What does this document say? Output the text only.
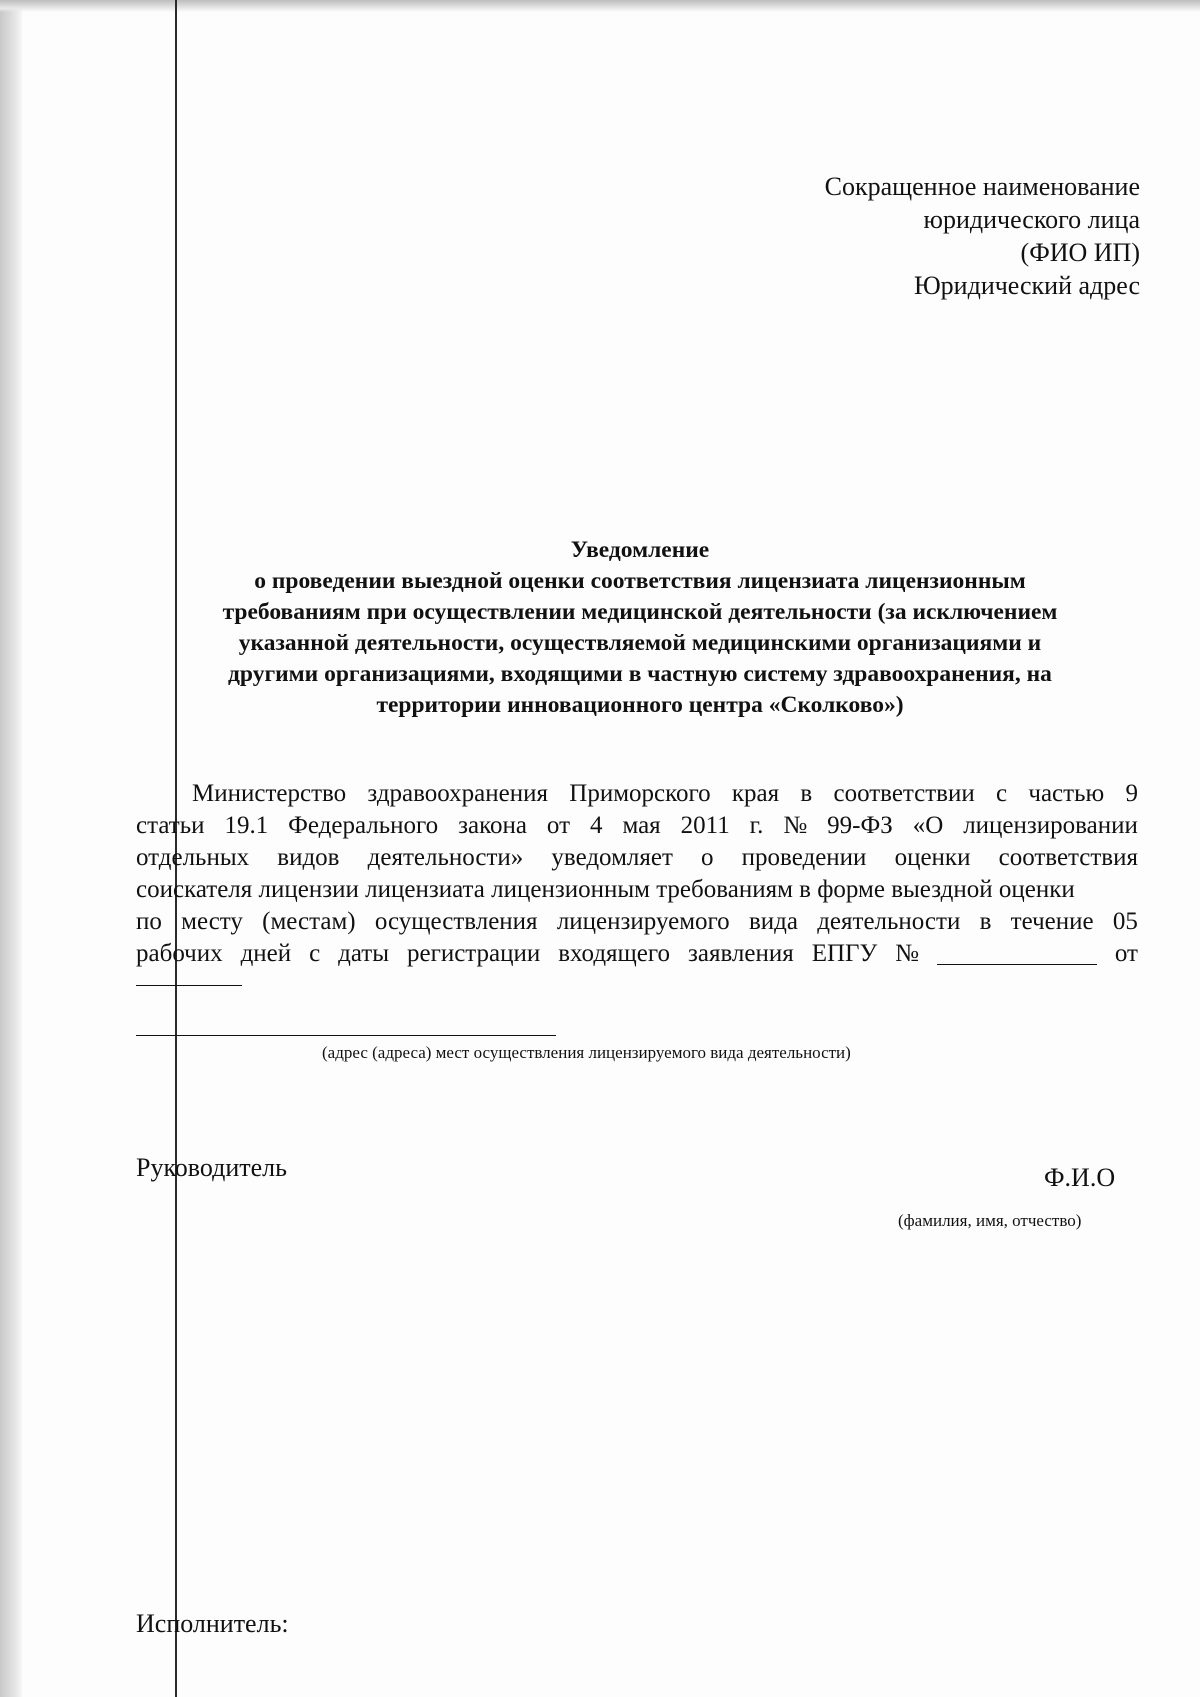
Сокращенное наименование
юридического лица
(ФИО ИП)
Юридический адрес
Уведомление
о проведении выездной оценки соответствия лицензиата лицензионным
требованиям при осуществлении медицинской деятельности (за исключением
указанной деятельности, осуществляемой медицинскими организациями и
другими организациями, входящими в частную систему здравоохранения, на
территории инновационного центра «Сколково»)
Министерство здравоохранения Приморского края в соответствии с частью 9
статьи 19.1 Федерального закона от 4 мая 2011 г. № 99-ФЗ «О лицензировании
отдельных видов деятельности» уведомляет о проведении оценки соответствия
соискателя лицензии лицензиата лицензионным требованиям в форме выездной оценки
по месту (местам) осуществления лицензируемого вида деятельности в течение 05
рабочих дней с даты регистрации входящего заявления ЕПГУ №	от
(адрес (адреса) мест осуществления лицензируемого вида деятельности)
Руководитель	Ф.И.О
(фамилия, имя, отчество)
Исполнитель:
